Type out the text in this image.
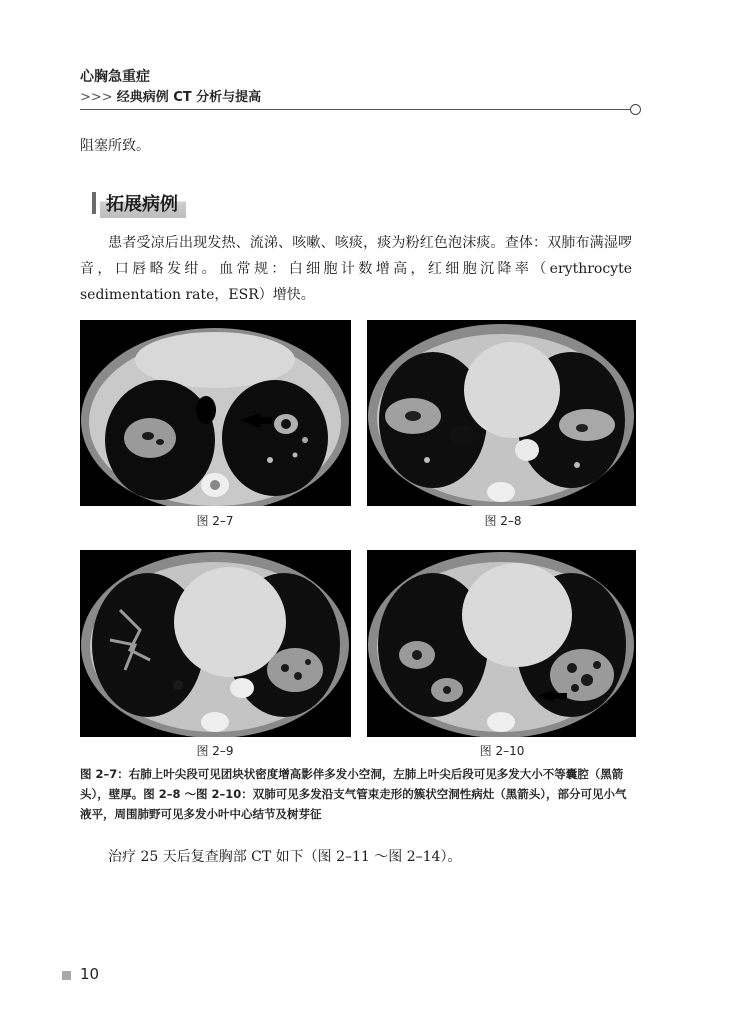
心胸急重症
>>> 经典病例 CT 分析与提高
阻塞所致。
拓展病例
患者受凉后出现发热、流涕、咳嗽、咳痰，痰为粉红色泡沫痰。查体：双肺布满湿啰音，口唇略发绀。血常规：白细胞计数增高，红细胞沉降率（erythrocyte sedimentation rate，ESR）增快。
图 2–7	图 2–8
图 2–9	图 2–10
图 2–7：右肺上叶尖段可见团块状密度增高影伴多发小空洞，左肺上叶尖后段可见多发大小不等囊腔（黑箭头），壁厚。图 2–8 ～图 2–10：双肺可见多发沿支气管束走形的簇状空洞性病灶（黑箭头），部分可见小气液平，周围肺野可见多发小叶中心结节及树芽征
治疗 25 天后复查胸部 CT 如下（图 2–11 ～图 2–14）。
10
